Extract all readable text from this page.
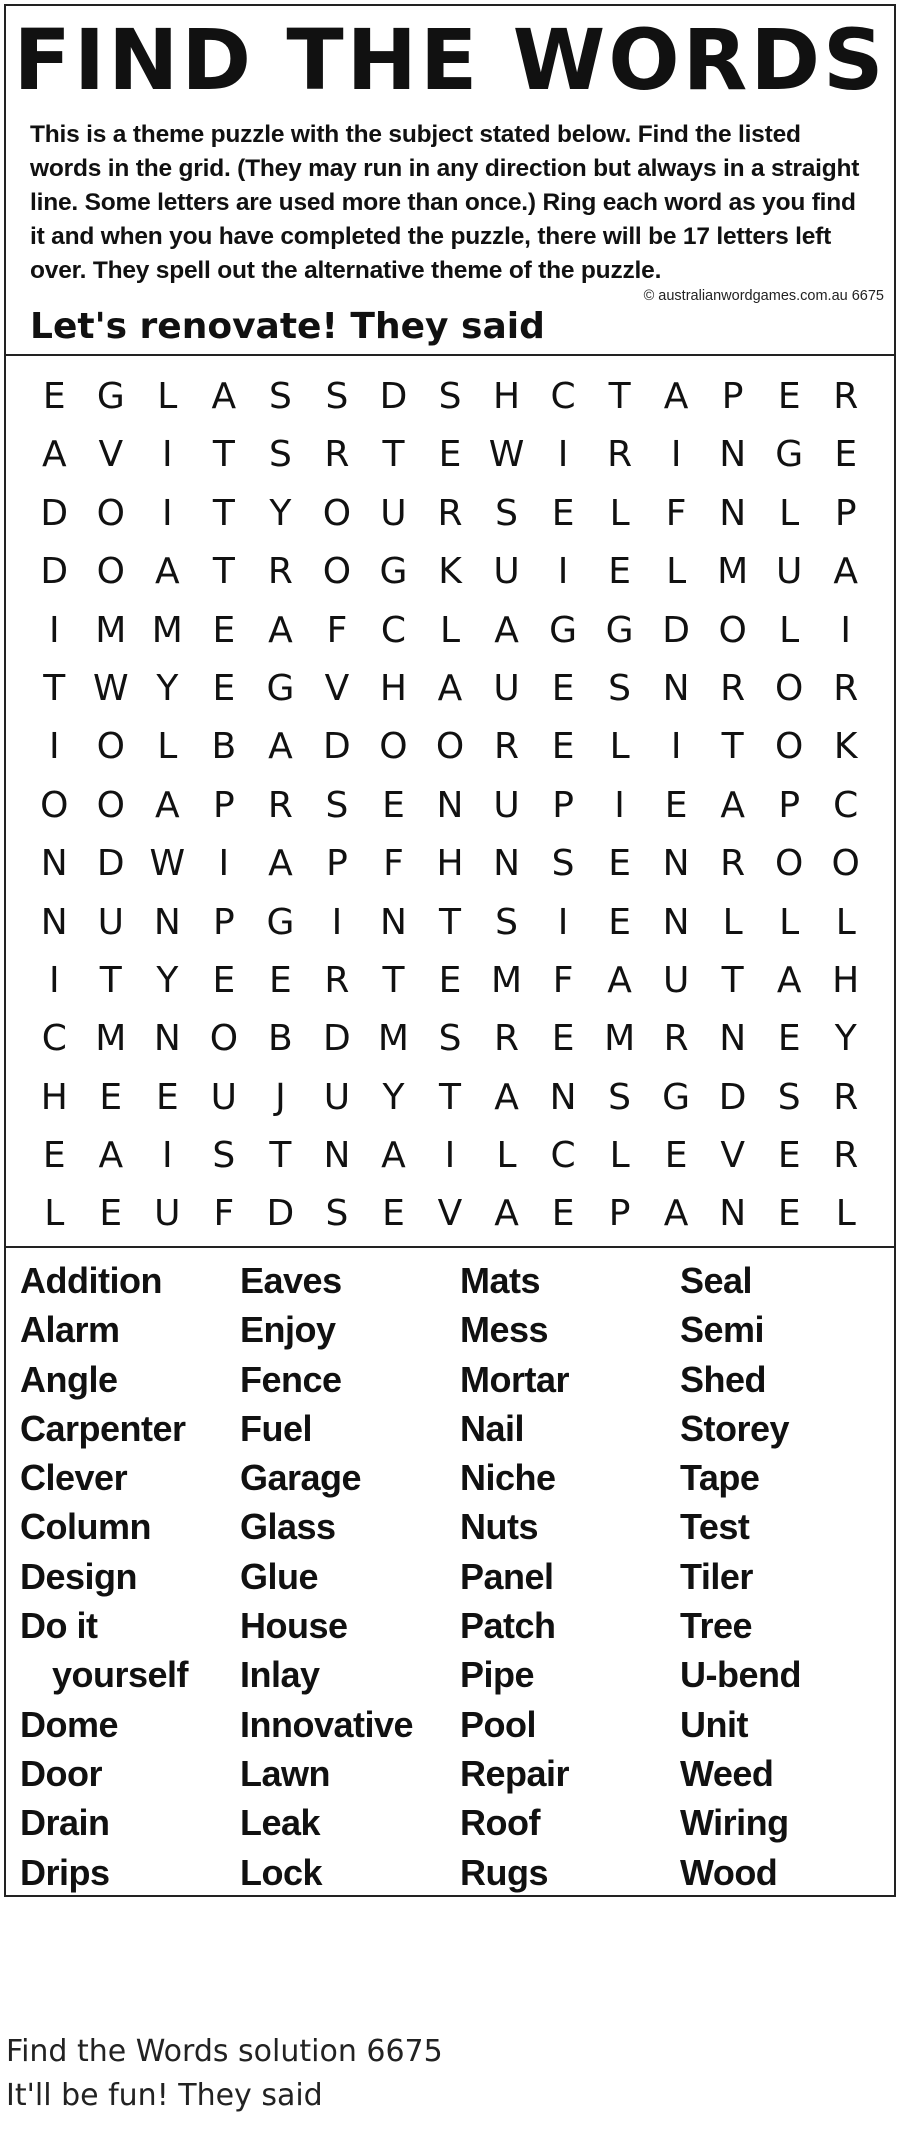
FIND THE WORDS

This is a theme puzzle with the subject stated below. Find the listed words in the grid. (They may run in any direction but always in a straight line. Some letters are used more than once.) Ring each word as you find it and when you have completed the puzzle, there will be 17 letters left over. They spell out the alternative theme of the puzzle.

© australianwordgames.com.au 6675
Let's renovate! They said
E G L A S S D S H C T A P E R
A V	I	T S R T E W I	R	I	N G E
D O	I	T Y O U R S E L	F N L P
D O A T R O G K U	I	E L M U A
I M M E A F C L A G G D O L	I
T W Y E G V H A U E S N R O R
I	O L B A D O O R E L	I	T O K
O O A P R S E N U P	I	E A P C
N D W I	A P F H N S E N R O O
N U N P G	I	N T S	I	E N L	L	L
I	T Y E E R T E M F A U T A H
C M N O B D M S R E M R N E Y
H E E U	J	U Y T A N S G D S R
E A	I	S T N A	I	L C L E V E R
L E U F D S E V A E P A N E L
Addition
Alarm
Angle
Carpenter
Clever
Column
Design
Do it
yourself
Dome
Door
Drain
Drips
Eaves
Enjoy
Fence
Fuel
Garage
Glass
Glue
House
Inlay
Innovative
Lawn
Leak
Lock
Mats
Mess
Mortar
Nail
Niche
Nuts
Panel
Patch
Pipe
Pool
Repair
Roof
Rugs
Seal
Semi
Shed
Storey
Tape
Test
Tiler
Tree
U-bend
Unit
Weed
Wiring
Wood
Find the Words solution 6675
It'll be fun! They said
